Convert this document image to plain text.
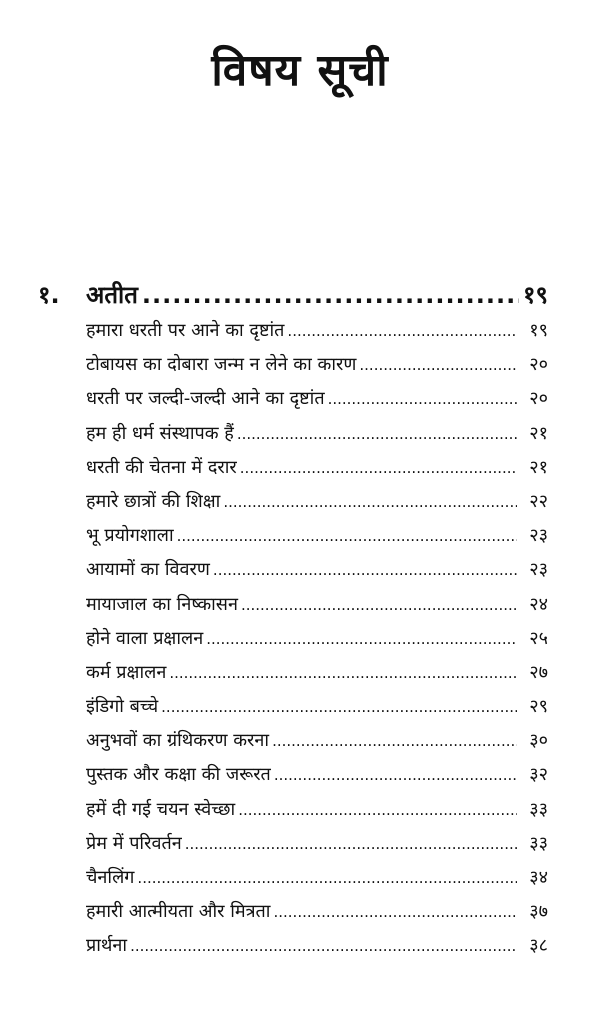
विषय सूची
१.	अतीत .....	१९
हमारा धरती पर आने का दृष्टांत .....	१९
टोबायस का दोबारा जन्म न लेने का कारण .....	२०
धरती पर जल्दी-जल्दी आने का दृष्टांत .....	२०
हम ही धर्म संस्थापक हैं .....	२१
धरती की चेतना में दरार .....	२१
हमारे छात्रों की शिक्षा .....	२२
भू प्रयोगशाला .....	२३
आयामों का विवरण .....	२३
मायाजाल का निष्कासन .....	२४
होने वाला प्रक्षालन .....	२५
कर्म प्रक्षालन .....	२७
इंडिगो बच्चे .....	२९
अनुभवों का ग्रंथिकरण करना .....	३०
पुस्तक और कक्षा की जरूरत .....	३२
हमें दी गई चयन स्वेच्छा .....	३३
प्रेम में परिवर्तन .....	३३
चैनलिंग .....	३४
हमारी आत्मीयता और मित्रता .....	३७
प्रार्थना .....	३८
